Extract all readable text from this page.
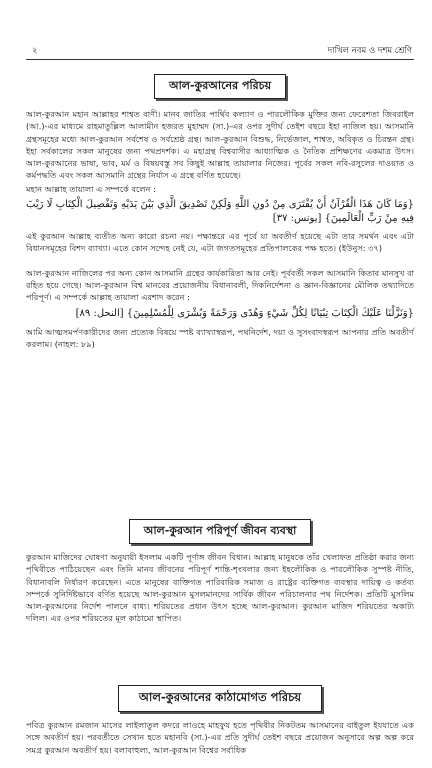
২	দাখিল নবম ও দশম শ্রেণি
আল-কুরআনের পরিচয়

আল-কুরআন মহান আল্লাহর শাশ্বত বাণী। মানব জাতির পার্থিব কল্যাণ ও পারলৌকিক মুক্তির জন্য ফেরেশতা জিবরাইল (আ.)-এর মাধ্যমে রাহমাতুল্লিল আলামীন হজরত মুহাম্মদ (সা.)-এর ওপর সুদীর্ঘ তেইশ বছরে ইহা নাজিল হয়। আসমানি গ্রন্থসমূহের মধ্যে আল-কুরআন সর্বশেষ ও সর্বশ্রেষ্ঠ গ্রন্থ। আল-কুরআন বিশুদ্ধ, নির্ভেজাল, শাশ্বত, অবিকৃত ও চিরন্তন গ্রন্থ। ইহা সর্বকালের সকল মানুষের জন্য পথপ্রদর্শক। এ মহাগ্রন্থ বিশ্ববাসীর আধ্যাত্মিক ও নৈতিক প্রশিক্ষণের একমাত্র উৎস। আল-কুরআনের ভাষা, ভাব, মর্ম ও বিষয়বস্তু সব কিছুই আল্লাহ তায়ালার নিজের। পূর্বের সকল নবি-রসুলের দাওয়াত ও কর্মপদ্ধতি এবং সকল আসমানি গ্রন্থের নির্যাস এ গ্রন্থে বর্ণিত হয়েছে।

মহান আল্লাহ তায়ালা এ সম্পর্কে বলেন :

{وَمَا كَانَ هَذَا الْقُرْآنُ أَنْ يُفْتَرَى مِنْ دُونِ اللَّهِ وَلَكِنْ تَصْدِيقَ الَّذِي بَيْنَ يَدَيْهِ وَتَفْصِيلَ الْكِتَابِ لَا رَيْبَ فِيهِ مِنْ رَبِّ الْعَالَمِينَ} [يونس: ٣٧]

এই কুরআন আল্লাহ ব্যতীত অন্য কারো রচনা নয়। পক্ষান্তরে এর পূর্বে যা অবতীর্ণ হয়েছে এটা তার সমর্থন এবং এটা বিধানসমূহের বিশদ ব্যাখ্যা। এতে কোন সন্দেহ নেই যে, এটা জগতসমূহের প্রতিপালকের পক্ষ হতে। (ইউনুস: ৩৭)

আল-কুরআন নাজিলের পর অন্য কোন আসমানি গ্রন্থের কার্যকারিতা আর নেই। পূর্ববর্তী সকল আসমানি কিতাব মানসুখ বা রহিত হয়ে গেছে। আল-কুরআন বিশ্ব মানবের প্রয়োজনীয় বিধানাবলী, দিকনির্দেশনা ও জ্ঞান-বিজ্ঞানের মৌলিক তথ্যাদিতে পরিপূর্ণ। এ সম্পর্কে আল্লাহ তায়ালা এরশাদ করেন :

{وَنَزَّلْنَا عَلَيْكَ الْكِتَابَ تِبْيَانًا لِكُلِّ شَيْءٍ وَهُدًى وَرَحْمَةً وَبُشْرَى لِلْمُسْلِمِينَ} [النحل: ٨٩]

আমি আত্মসমর্পণকারীদের জন্য প্রত্যেক বিষয়ে স্পষ্ট ব্যাখ্যাস্বরূপ, পথনির্দেশ, দয়া ও সুসংবাদস্বরূপ আপনার প্রতি অবতীর্ণ করলাম। (নাহল: ৮৯)

আল-কুরআন পরিপূর্ণ জীবন ব্যবস্থা

কুরআন মাজিদের ঘোষণা অনুযায়ী ইসলাম একটি পূর্ণাঙ্গ জীবন বিধান। আল্লাহ মানুষকে তাঁর খেলাফত প্রতিষ্ঠা করার জন্য পৃথিবীতে পাঠিয়েছেন এবং তিনি মানব জীবনের পরিপূর্ণ শান্তি-শৃংখলার জন্য ইহলৌকিক ও পারলৌকিক সুস্পষ্ট নীতি, বিধানাবলি নির্ধারণ করেছেন। এতে মানুষের ব্যক্তিগত পারিবারিক সমাজ ও রাষ্ট্রের ব্যক্তিগত ব্যবস্থার দায়িত্ব ও কর্তব্য সম্পর্কে সুনির্দিষ্টভাবে বর্ণিত হয়েছে আল-কুরআন মুসলমানদের সার্বিক জীবন পরিচালনার পথ নির্দেশক। প্রতিটি মুসলিম আল-কুরআনের নির্দেশ পালনে বাধ্য। শরিয়তের প্রধান উৎস হচ্ছে আল-কুরআন। কুরআন মাজিদ শরিয়তের অকাট্য দলিল। এর ওপর শরিয়তের মূল কাঠামো স্থাপিত।

আল-কুরআনের কাঠামোগত পরিচয়

পবিত্র কুরআন রমজান মাসের লাইলাতুল কদরে লাওহে মাহফুয হতে পৃথিবীর নিকটতম আসমানের বাইতুল ইযযাতে এক সঙ্গে অবতীর্ণ হয়। পরবর্তীতে সেখান হতে মহানবি (সা.)-এর প্রতি সুদীর্ঘ তেইশ বছরে প্রয়োজন অনুসারে অল্প অল্প করে সমগ্র কুরআন অবতীর্ণ হয়। বলাবাহুল্য, আল-কুরআন বিশ্বের সর্বাধিক
